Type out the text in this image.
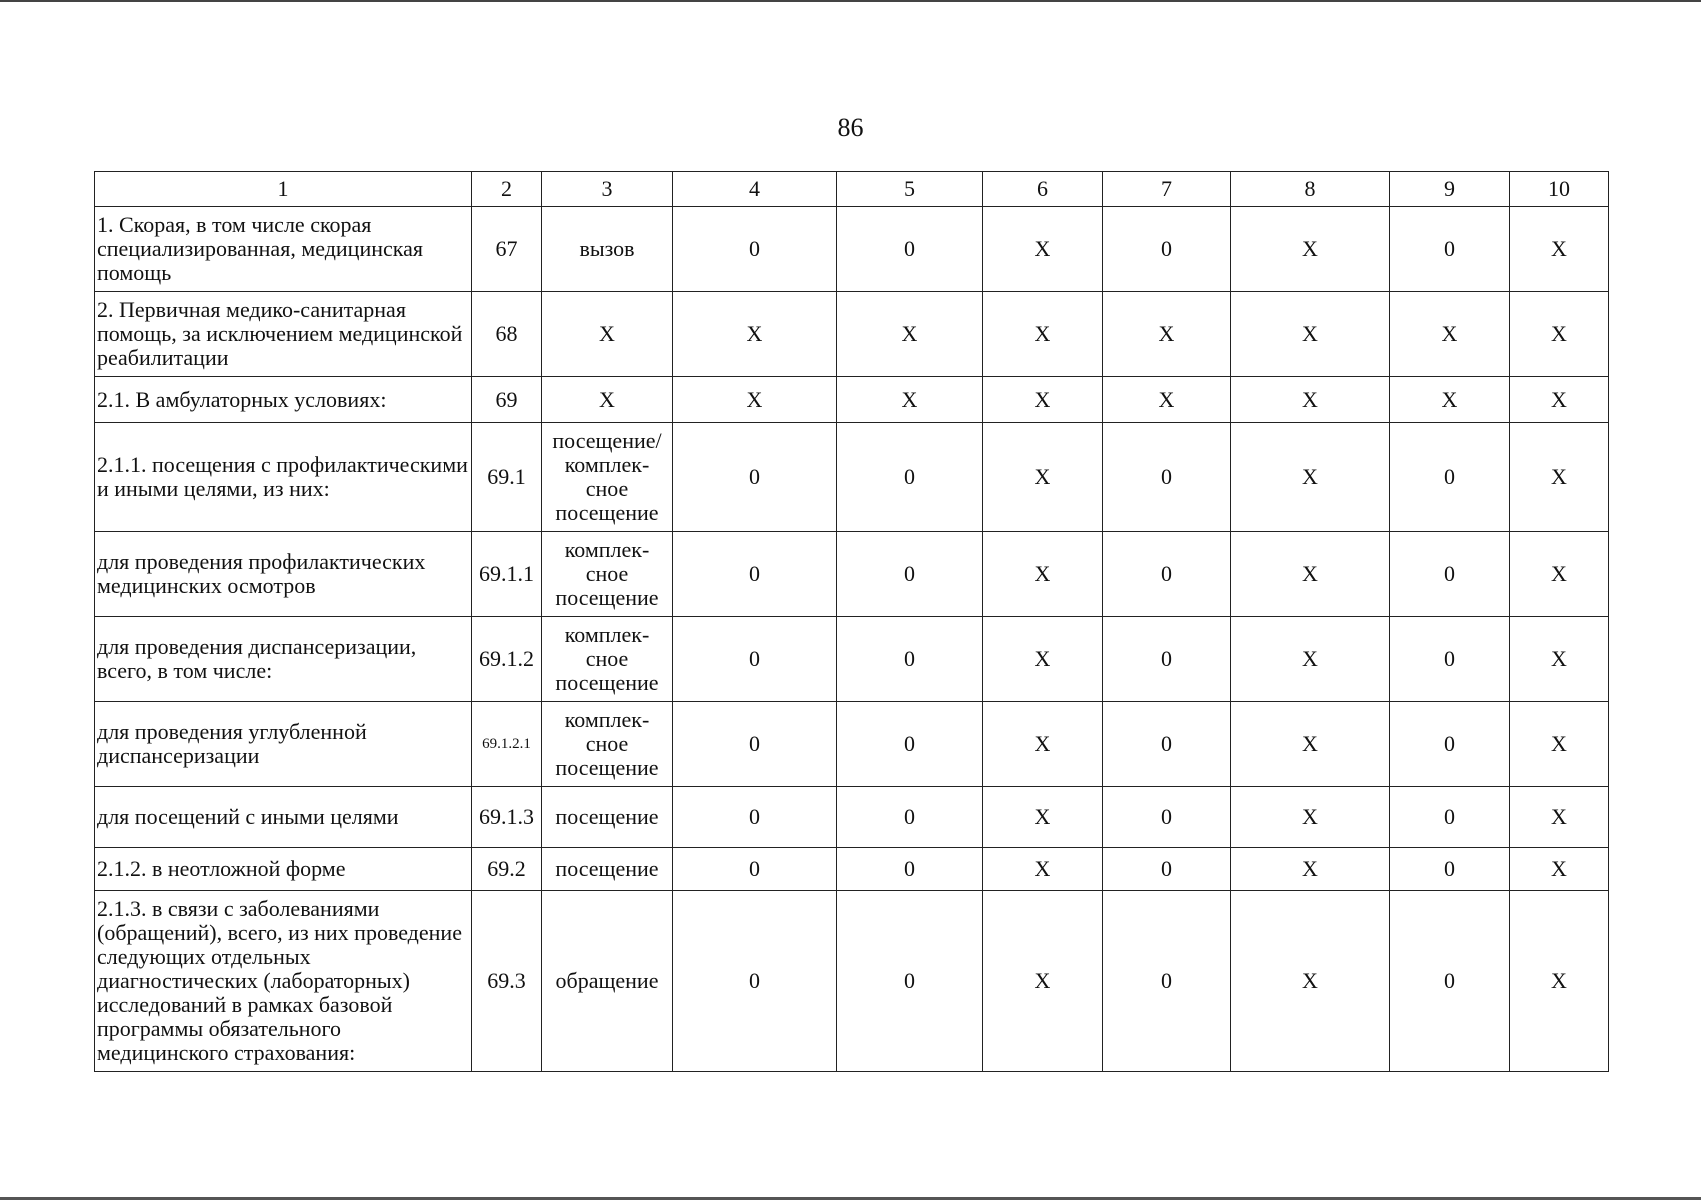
86
1	2	3	4	5	6	7	8	9	10
1. Скорая, в том числе скорая специализированная, медицинская помощь	67	вызов	0	0	X	0	X	0	X
2. Первичная медико-санитарная помощь, за исключением медицинской реабилитации	68	X	X	X	X	X	X	X	X
2.1. В амбулаторных условиях:	69	X	X	X	X	X	X	X	X
2.1.1. посещения с профилактическими и иными целями, из них:	69.1	посещение/ комплек-сное посещение	0	0	X	0	X	0	X
для проведения профилактических медицинских осмотров	69.1.1	комплек-сное посещение	0	0	X	0	X	0	X
для проведения диспансеризации, всего, в том числе:	69.1.2	комплек-сное посещение	0	0	X	0	X	0	X
для проведения углубленной диспансеризации	69.1.2.1	комплек-сное посещение	0	0	X	0	X	0	X
для посещений с иными целями	69.1.3	посещение	0	0	X	0	X	0	X
2.1.2. в неотложной форме	69.2	посещение	0	0	X	0	X	0	X
2.1.3. в связи с заболеваниями (обращений), всего, из них проведение следующих отдельных диагностических (лабораторных) исследований в рамках базовой программы обязательного медицинского страхования:	69.3	обращение	0	0	X	0	X	0	X
